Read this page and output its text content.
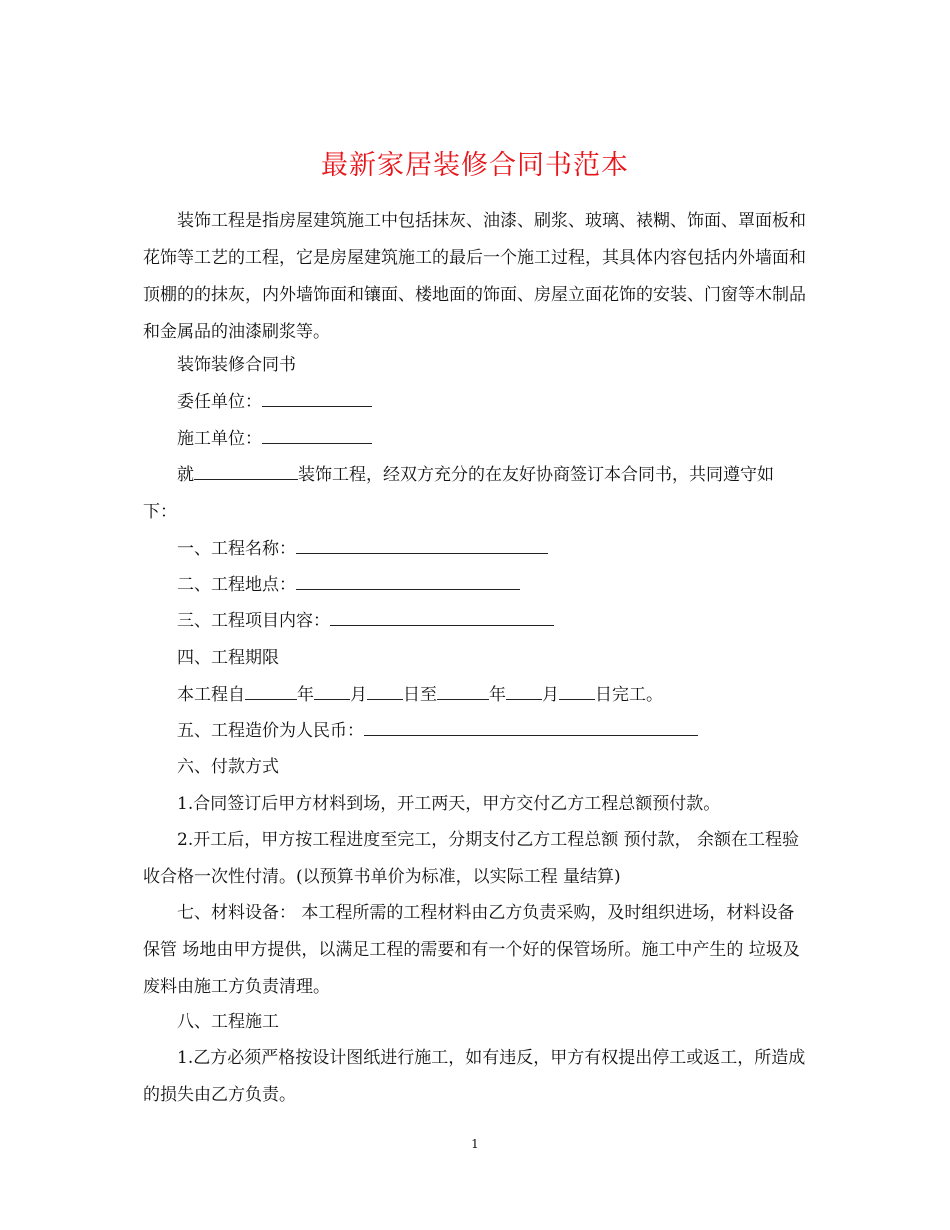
最新家居装修合同书范本

装饰工程是指房屋建筑施工中包括抹灰、油漆、刷浆、玻璃、裱糊、饰面、罩面板和花饰等工艺的工程，它是房屋建筑施工的最后一个施工过程，其具体内容包括内外墙面和顶棚的的抹灰，内外墙饰面和镶面、楼地面的饰面、房屋立面花饰的安装、门窗等木制品和金属品的油漆刷浆等。

装饰装修合同书

委任单位：

施工单位：

就	装饰工程，经双方充分的在友好协商签订本合同书，共同遵守如下：

一、工程名称：

二、工程地点：

三、工程项目内容：

四、工程期限

本工程自	年 月 日至	年 月 日完工。

五、工程造价为人民币：

六、付款方式

1.合同签订后甲方材料到场，开工两天，甲方交付乙方工程总额预付款。

2.开工后，甲方按工程进度至完工，分期支付乙方工程总额 预付款， 余额在工程验收合格一次性付清。(以预算书单价为标准，以实际工程 量结算)

七、材料设备： 本工程所需的工程材料由乙方负责采购，及时组织进场，材料设备保管 场地由甲方提供，以满足工程的需要和有一个好的保管场所。施工中产生的 垃圾及废料由施工方负责清理。

八、工程施工

1.乙方必须严格按设计图纸进行施工，如有违反，甲方有权提出停工或返工，所造成的损失由乙方负责。

1
